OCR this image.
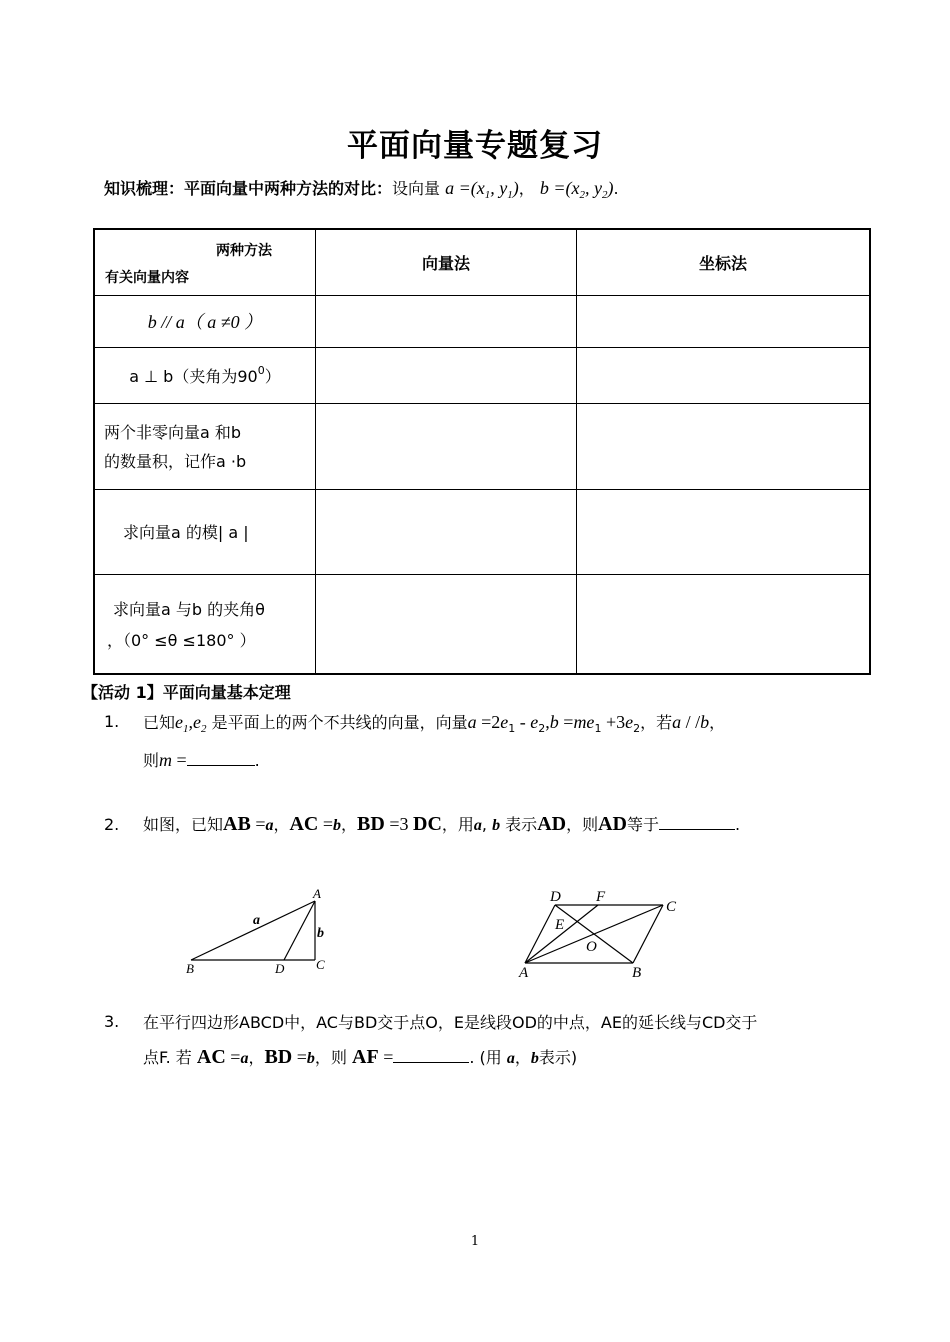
平面向量专题复习
知识梳理：平面向量中两种方法的对比：设向量 $a =(x_1$, $y_1$)， $b =(x_2$, $y_2$).
两种方法
有关向量内容	向量法	坐标法
b // a（ a ≠0 ）		
a ⊥ b（夹角为$90^0$）		

两个非零向量a 和b
的数量积，记作a ·b		

求向量a 的模| a |		

求向量a 与b 的夹角θ
，（0° ≤θ ≤180° ）		

【活动 1】平面向量基本定理
1. 已知$e_1,e_2$ 是平面上的两个不共线的向量，向量$a =2e_1 - e_2,b =me_1 +3e_2$，若a / /b，
则m =	.
2. 如图，已知AB =a，AC =b，BD =3 DC，用a, b 表示AD，则AD等于	.
A
B	C
D
a
b
A	B
C
D
E
F
O
3. 在平行四边形ABCD中，AC与BD交于点O，E是线段OD的中点，AE的延长线与CD交于
点F. 若 AC =a，BD =b，则 AF =	. (用 a，b表示)
1
